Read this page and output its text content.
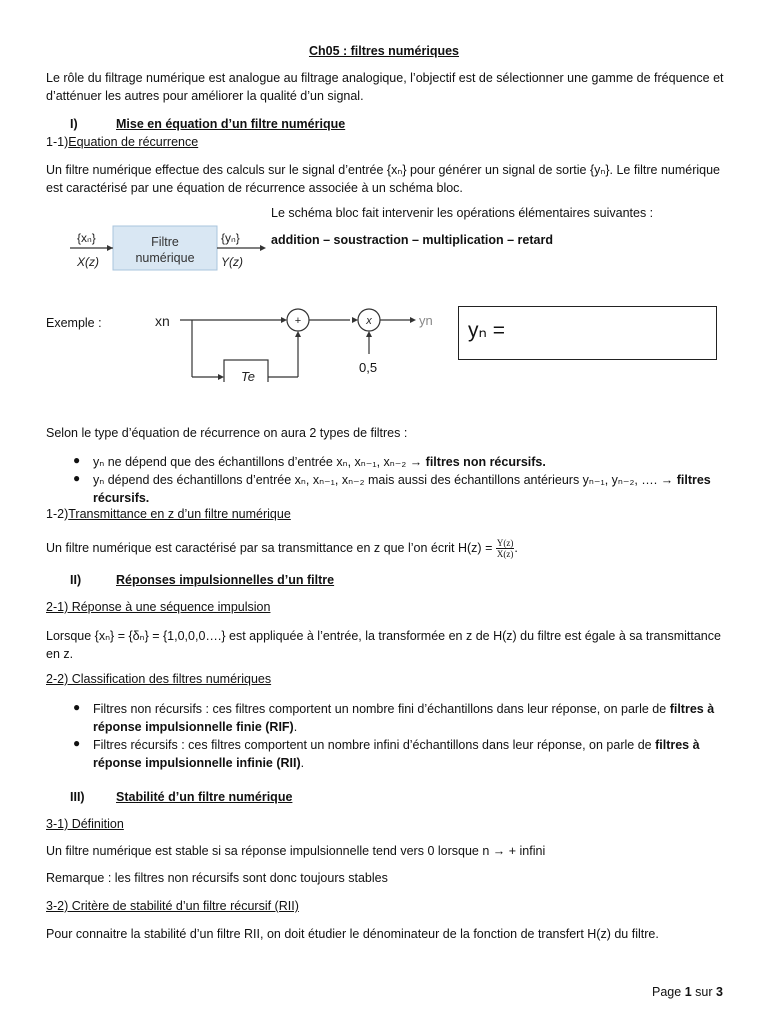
Ch05 : filtres numériques
Le rôle du filtrage numérique est analogue au filtrage analogique, l’objectif est de sélectionner une gamme de fréquence et d’atténuer les autres pour améliorer la qualité d’un signal.
I)	Mise en équation d’un filtre numérique
1-1)Equation de récurrence
Un filtre numérique effectue des calculs sur le signal d’entrée {xₙ} pour générer un signal de sortie {yₙ}. Le filtre numérique est caractérisé par une équation de récurrence associée à un schéma bloc.
{xₙ}
X(z)
Filtre
numérique
{yₙ}
Y(z)
Le schéma bloc fait intervenir les opérations élémentaires suivantes :
addition – soustraction – multiplication – retard
Exemple :	xn	+	x	yn
Te
0,5
yₙ =
Selon le type d’équation de récurrence on aura 2 types de filtres :
● yₙ ne dépend que des échantillons d’entrée xₙ, xₙ₋₁, xₙ₋₂ → filtres non récursifs.
● yₙ dépend des échantillons d’entrée xₙ, xₙ₋₁, xₙ₋₂ mais aussi des échantillons antérieurs yₙ₋₁, yₙ₋₂, …. → filtres récursifs.
1-2)Transmittance en z d’un filtre numérique
Un filtre numérique est caractérisé par sa transmittance en z que l’on écrit $H(z) = \frac{Y(z)}{X(z)}$ .
II)	Réponses impulsionnelles d’un filtre
2-1) Réponse à une séquence impulsion
Lorsque {xₙ} = {δₙ} = {1,0,0,0….} est appliquée à l’entrée, la transformée en z de H(z) du filtre est égale à sa transmittance en z.
2-2) Classification des filtres numériques
● Filtres non récursifs : ces filtres comportent un nombre fini d’échantillons dans leur réponse, on parle de filtres à réponse impulsionnelle finie (RIF).
● Filtres récursifs : ces filtres comportent un nombre infini d’échantillons dans leur réponse, on parle de filtres à réponse impulsionnelle infinie (RII).
III)	Stabilité d’un filtre numérique
3-1) Définition
Un filtre numérique est stable si sa réponse impulsionnelle tend vers 0 lorsque n → + infini
Remarque : les filtres non récursifs sont donc toujours stables
3-2) Critère de stabilité d’un filtre récursif (RII)
Pour connaitre la stabilité d’un filtre RII, on doit étudier le dénominateur de la fonction de transfert H(z) du filtre.
Page 1 sur 3
